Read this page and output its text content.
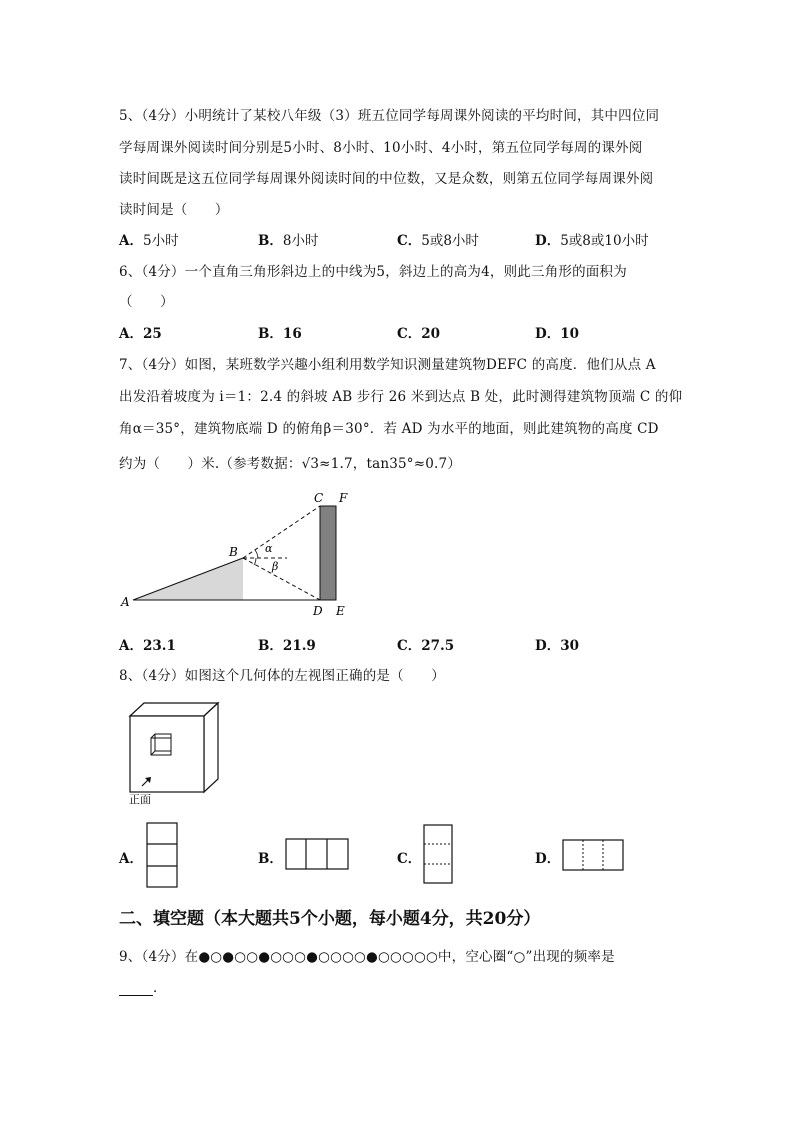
5、（4分）小明统计了某校八年级（3）班五位同学每周课外阅读的平均时间，其中四位同
学每周课外阅读时间分别是5小时、8小时、10小时、4小时，第五位同学每周的课外阅
读时间既是这五位同学每周课外阅读时间的中位数，又是众数，则第五位同学每周课外阅
读时间是（　　）
A．5小时	B．8小时	C．5或8小时	D．5或8或10小时
6、（4分）一个直角三角形斜边上的中线为5，斜边上的高为4，则此三角形的面积为
（　　）
A．25	B．16	C．20	D．10
7、（4分）如图，某班数学兴趣小组利用数学知识测量建筑物DEFC 的高度．他们从点 A
出发沿着坡度为 i＝1：2.4 的斜坡 AB 步行 26 米到达点 B 处，此时测得建筑物顶端 C 的仰
角α＝35°，建筑物底端 D 的俯角β＝30°．若 AD 为水平的地面，则此建筑物的高度 CD
约为（　　）米.（参考数据：√3≈1.7，tan35°≈0.7）
A
B
C F
D E
α
β
A．23.1	B．21.9	C．27.5	D．30
8、（4分）如图这个几何体的左视图正确的是（　　）
正面
A．	B．	C．	D．
二、填空题（本大题共5个小题，每小题4分，共20分）
9、（4分）在●○●○○●○○○●○○○○●○○○○○中，空心圈“○”出现的频率是
．
